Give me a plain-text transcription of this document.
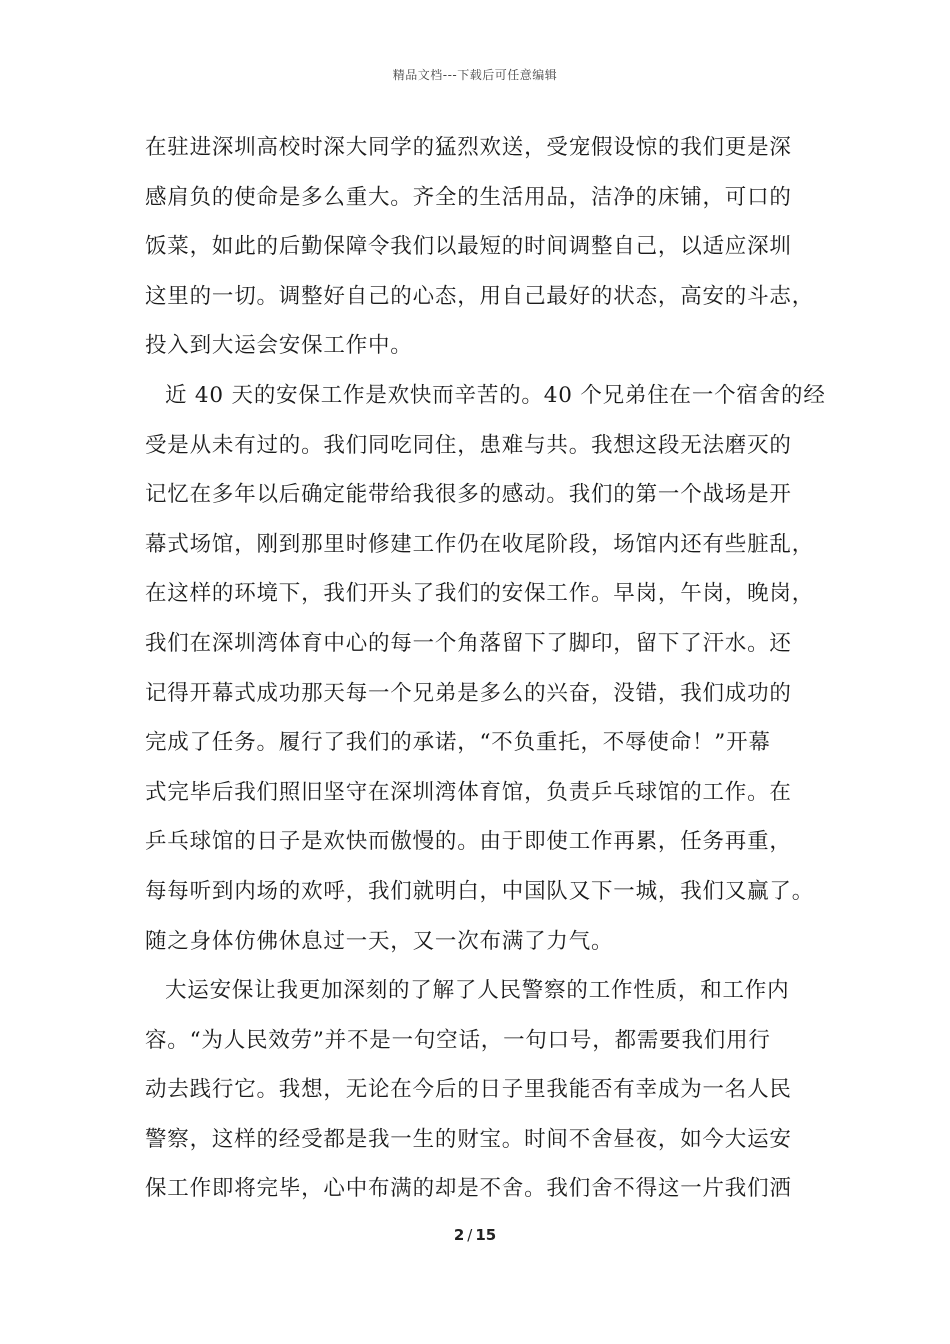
精品文档---下载后可任意编辑
在驻进深圳高校时深大同学的猛烈欢送，受宠假设惊的我们更是深
感肩负的使命是多么重大。齐全的生活用品，洁净的床铺，可口的
饭菜，如此的后勤保障令我们以最短的时间调整自己，以适应深圳
这里的一切。调整好自己的心态，用自己最好的状态，高安的斗志，
投入到大运会安保工作中。
近 40 天的安保工作是欢快而辛苦的。40 个兄弟住在一个宿舍的经
受是从未有过的。我们同吃同住，患难与共。我想这段无法磨灭的
记忆在多年以后确定能带给我很多的感动。我们的第一个战场是开
幕式场馆，刚到那里时修建工作仍在收尾阶段，场馆内还有些脏乱，
在这样的环境下，我们开头了我们的安保工作。早岗，午岗，晚岗，
我们在深圳湾体育中心的每一个角落留下了脚印，留下了汗水。还
记得开幕式成功那天每一个兄弟是多么的兴奋，没错，我们成功的
完成了任务。履行了我们的承诺，“不负重托，不辱使命！”开幕
式完毕后我们照旧坚守在深圳湾体育馆，负责乒乓球馆的工作。在
乒乓球馆的日子是欢快而傲慢的。由于即使工作再累，任务再重，
每每听到内场的欢呼，我们就明白，中国队又下一城，我们又赢了。
随之身体仿佛休息过一天，又一次布满了力气。
大运安保让我更加深刻的了解了人民警察的工作性质，和工作内
容。“为人民效劳”并不是一句空话，一句口号，都需要我们用行
动去践行它。我想，无论在今后的日子里我能否有幸成为一名人民
警察，这样的经受都是我一生的财宝。时间不舍昼夜，如今大运安
保工作即将完毕，心中布满的却是不舍。我们舍不得这一片我们洒
2 / 15
